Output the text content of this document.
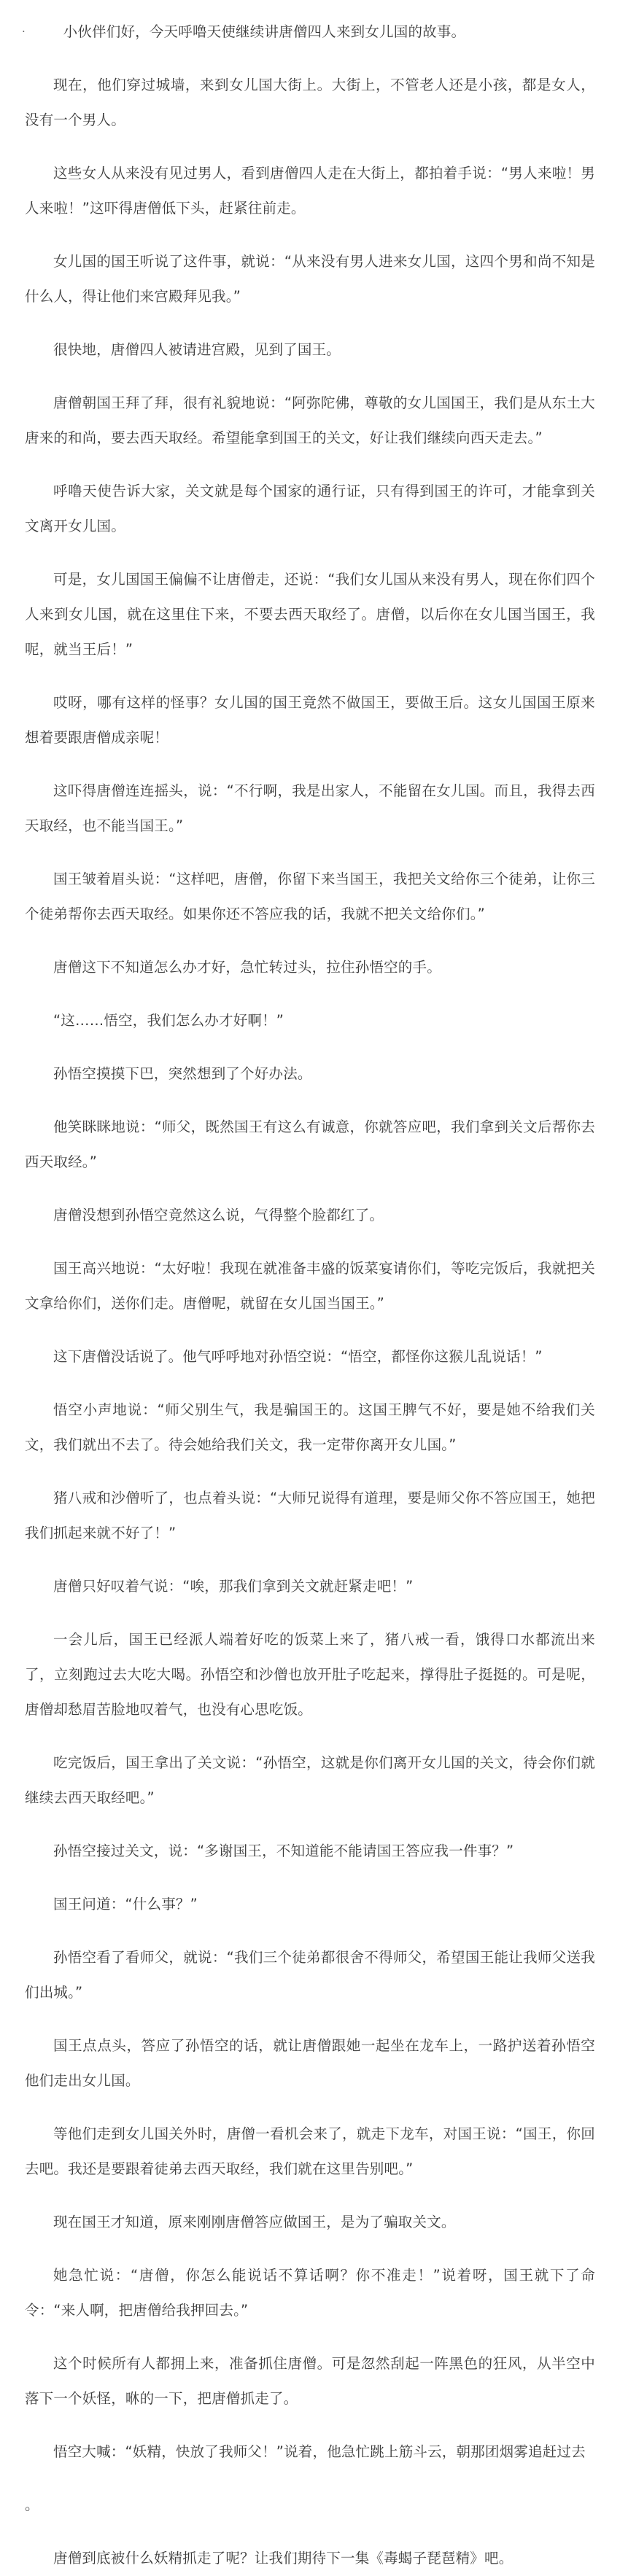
.	小伙伴们好，今天呼噜天使继续讲唐僧四人来到女儿国的故事。

现在，他们穿过城墙，来到女儿国大街上。大街上，不管老人还是小孩，都是女人，没有一个男人。

这些女人从来没有见过男人，看到唐僧四人走在大街上，都拍着手说：“男人来啦！男人来啦！”这吓得唐僧低下头，赶紧往前走。

女儿国的国王听说了这件事，就说：“从来没有男人进来女儿国，这四个男和尚不知是什么人，得让他们来宫殿拜见我。”

很快地，唐僧四人被请进宫殿，见到了国王。

唐僧朝国王拜了拜，很有礼貌地说：“阿弥陀佛，尊敬的女儿国国王，我们是从东土大唐来的和尚，要去西天取经。希望能拿到国王的关文，好让我们继续向西天走去。”

呼噜天使告诉大家，关文就是每个国家的通行证，只有得到国王的许可，才能拿到关文离开女儿国。

可是，女儿国国王偏偏不让唐僧走，还说：“我们女儿国从来没有男人，现在你们四个人来到女儿国，就在这里住下来，不要去西天取经了。唐僧，以后你在女儿国当国王，我呢，就当王后！”

哎呀，哪有这样的怪事？女儿国的国王竟然不做国王，要做王后。这女儿国国王原来想着要跟唐僧成亲呢！

这吓得唐僧连连摇头，说：“不行啊，我是出家人，不能留在女儿国。而且，我得去西天取经，也不能当国王。”

国王皱着眉头说：“这样吧，唐僧，你留下来当国王，我把关文给你三个徒弟，让你三个徒弟帮你去西天取经。如果你还不答应我的话，我就不把关文给你们。”

唐僧这下不知道怎么办才好，急忙转过头，拉住孙悟空的手。

“这……悟空，我们怎么办才好啊！”

孙悟空摸摸下巴，突然想到了个好办法。

他笑眯眯地说：“师父，既然国王有这么有诚意，你就答应吧，我们拿到关文后帮你去西天取经。”

唐僧没想到孙悟空竟然这么说，气得整个脸都红了。

国王高兴地说：“太好啦！我现在就准备丰盛的饭菜宴请你们，等吃完饭后，我就把关文拿给你们，送你们走。唐僧呢，就留在女儿国当国王。”

这下唐僧没话说了。他气呼呼地对孙悟空说：“悟空，都怪你这猴儿乱说话！”

悟空小声地说：“师父别生气，我是骗国王的。这国王脾气不好，要是她不给我们关文，我们就出不去了。待会她给我们关文，我一定带你离开女儿国。”

猪八戒和沙僧听了，也点着头说：“大师兄说得有道理，要是师父你不答应国王，她把我们抓起来就不好了！”

唐僧只好叹着气说：“唉，那我们拿到关文就赶紧走吧！”

一会儿后，国王已经派人端着好吃的饭菜上来了，猪八戒一看，饿得口水都流出来了，立刻跑过去大吃大喝。孙悟空和沙僧也放开肚子吃起来，撑得肚子挺挺的。可是呢，唐僧却愁眉苦脸地叹着气，也没有心思吃饭。

吃完饭后，国王拿出了关文说：“孙悟空，这就是你们离开女儿国的关文，待会你们就继续去西天取经吧。”

孙悟空接过关文，说：“多谢国王，不知道能不能请国王答应我一件事？”

国王问道：“什么事？”

孙悟空看了看师父，就说：“我们三个徒弟都很舍不得师父，希望国王能让我师父送我们出城。”

国王点点头，答应了孙悟空的话，就让唐僧跟她一起坐在龙车上，一路护送着孙悟空他们走出女儿国。

等他们走到女儿国关外时，唐僧一看机会来了，就走下龙车，对国王说：“国王，你回去吧。我还是要跟着徒弟去西天取经，我们就在这里告别吧。”

现在国王才知道，原来刚刚唐僧答应做国王，是为了骗取关文。

她急忙说：“唐僧，你怎么能说话不算话啊？你不准走！”说着呀，国王就下了命令：“来人啊，把唐僧给我押回去。”

这个时候所有人都拥上来，准备抓住唐僧。可是忽然刮起一阵黑色的狂风，从半空中落下一个妖怪，咻的一下，把唐僧抓走了。

悟空大喊：“妖精，快放了我师父！”说着，他急忙跳上筋斗云，朝那团烟雾追赶过去

。

唐僧到底被什么妖精抓走了呢？让我们期待下一集《毒蝎子琵琶精》吧。
